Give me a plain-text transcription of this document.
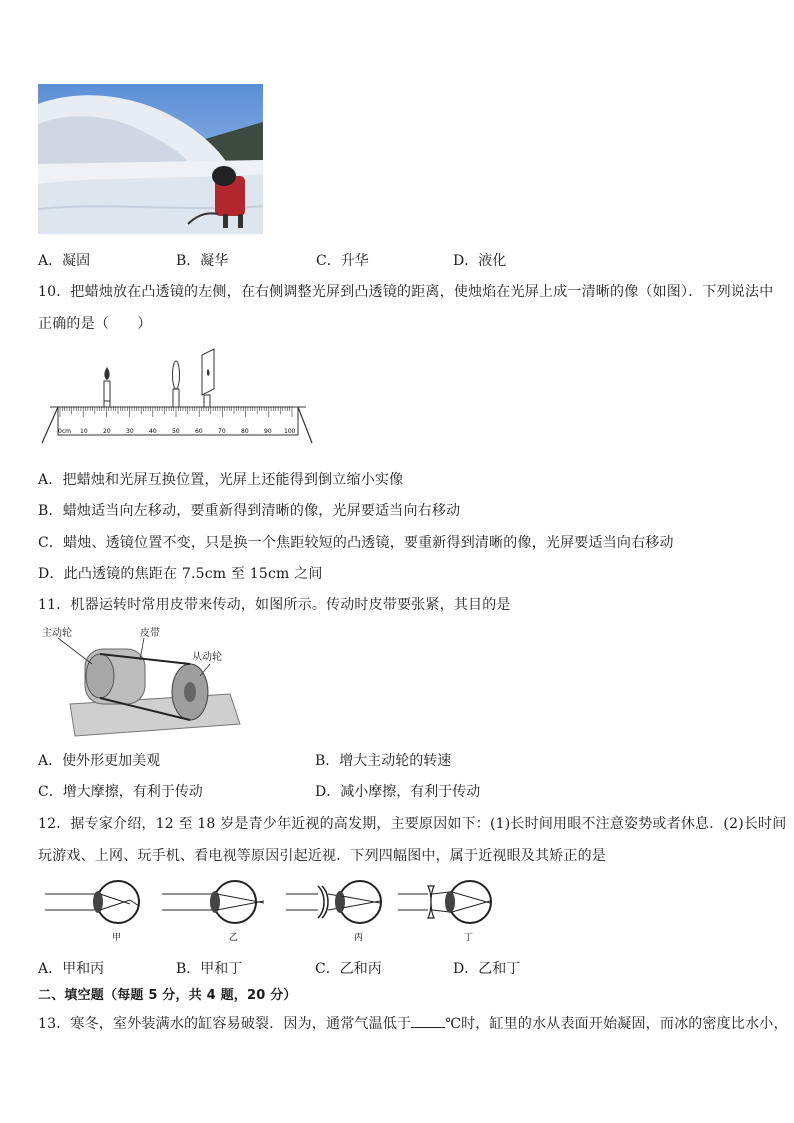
A．凝固	B．凝华	C．升华	D．液化
10．把蜡烛放在凸透镜的左侧，在右侧调整光屏到凸透镜的距离，使烛焰在光屏上成一清晰的像（如图）．下列说法中
正确的是（　　）
0cm 10	20	30	40	50	60	70	80	90 100
A．把蜡烛和光屏互换位置，光屏上还能得到倒立缩小实像
B．蜡烛适当向左移动，要重新得到清晰的像，光屏要适当向右移动
C．蜡烛、透镜位置不变，只是换一个焦距较短的凸透镜，要重新得到清晰的像，光屏要适当向右移动
D．此凸透镜的焦距在 7.5cm 至 15cm 之间
11．机器运转时常用皮带来传动，如图所示。传动时皮带要张紧，其目的是
主动轮	皮带
从动轮
A．使外形更加美观	B．增大主动轮的转速
C．增大摩擦，有利于传动	D．减小摩擦，有利于传动
12．据专家介绍，12 至 18 岁是青少年近视的高发期，主要原因如下：(1)长时间用眼不注意姿势或者休息．(2)长时间
玩游戏、上网、玩手机、看电视等原因引起近视．下列四幅图中，属于近视眼及其矫正的是
甲	乙	丙	丁
A．甲和丙	B．甲和丁	C．乙和丙	D．乙和丁
二、填空题（每题 5 分，共 4 题，20 分）
13．寒冬，室外装满水的缸容易破裂．因为，通常气温低于 ℃时，缸里的水从表面开始凝固，而冰的密度比水小，
